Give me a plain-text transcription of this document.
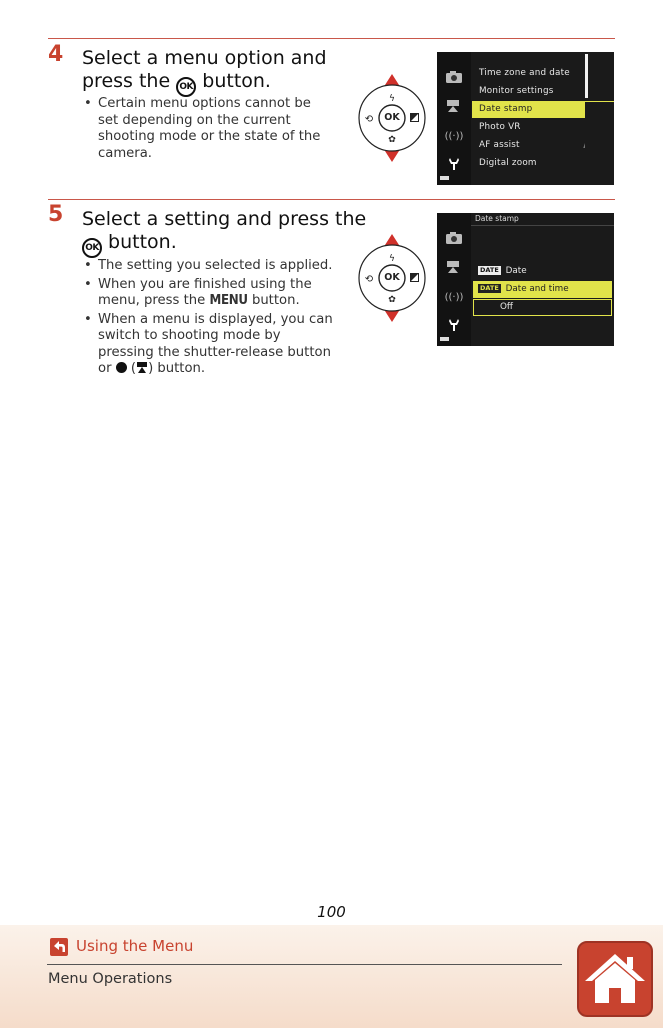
4 Select a menu option and
press the OK button.
• Certain menu options cannot be set depending on the current shooting mode or the state of the camera.
ϟ
✿
⟲ OK
((·))
Time zone and date
Monitor settings
Date stamp
Photo VR
AF assist
Digital zoom
5 Select a setting and press the
OK button.
• The setting you selected is applied.
• When you are finished using the menu, press the MENU button.
• When a menu is displayed, you can switch to shooting mode by pressing the shutter-release button or ( ) button.
ϟ
✿
⟲ OK
Date stamp
((·))
DATE Date
DATE Date and time
Off
100
Using the Menu
Menu Operations
